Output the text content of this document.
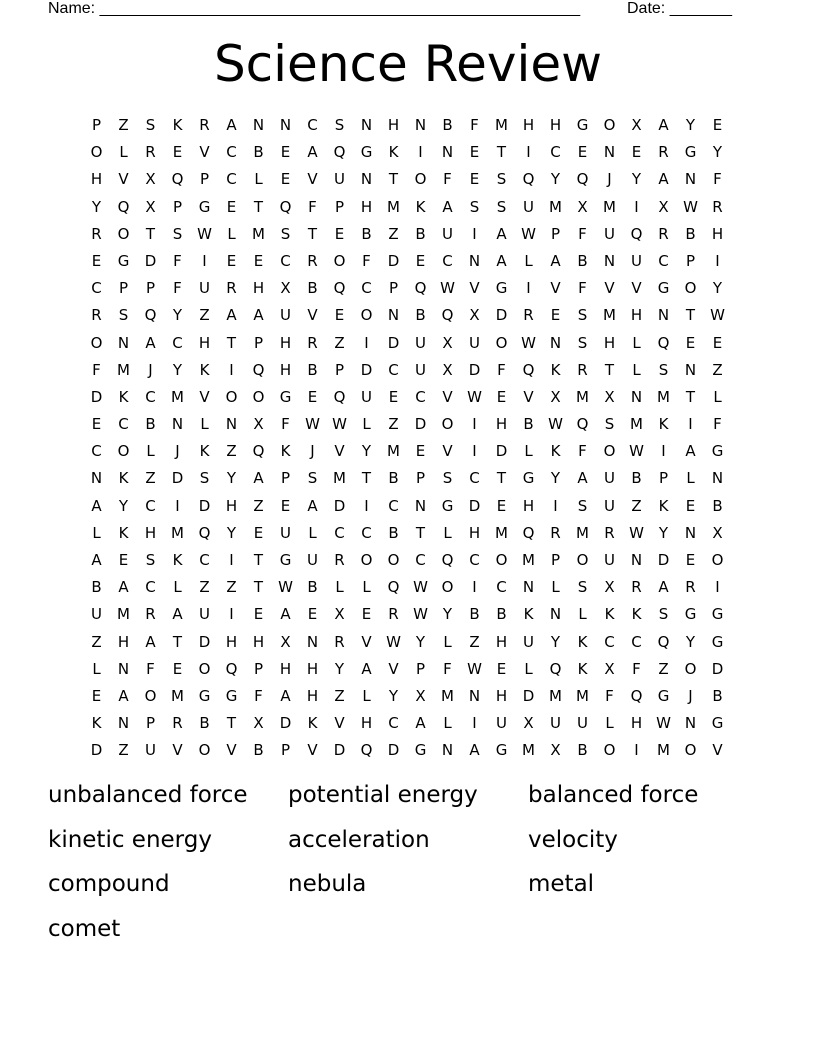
Name: ______________________________________________________

	Date: _______

Science Review
P	Z	S	K	R	A	N	N	C	S	N	H	N	B	F	M H	H	G	O	X	A	Y	E
O	L	R	E	V	C	B	E	A	Q	G	K	I	N	E	T	I	C	E	N	E	R	G	Y
H	V	X	Q	P	C	L	E	V	U	N	T	O	F	E	S	Q	Y	Q	J	Y	A	N	F
Y	Q	X	P	G	E	T	Q	F	P	H M	K	A	S	S	U	M	X	M	I	X W R
R	O	T	S W	L	M	S	T	E	B	Z	B	U	I	A W	P	F	U	Q	R	B	H
E	G	D	F	I	E	E	C	R	O	F	D	E	C	N	A	L	A	B	N	U	C	P	I
C	P	P	F	U	R	H	X	B	Q	C	P	Q W V	G	I	V	F	V	V	G	O	Y
R	S	Q	Y	Z	A	A	U	V	E	O	N	B	Q	X	D	R	E	S	M H	N	T	W
O	N	A	C	H	T	P	H	R	Z	I	D	U	X	U	O W N	S	H	L	Q	E	E
F	M	J	Y	K	I	Q	H	B	P	D	C	U	X	D	F	Q	K	R	T	L	S	N	Z
D	K	C	M	V	O	O	G	E	Q	U	E	C	V W E	V	X	M	X	N M	T	L
E	C	B	N	L	N	X	F	W W	L	Z	D	O	I	H	B W Q	S	M	K	I	F
C	O	L	J	K	Z	Q	K	J	V	Y	M	E	V	I	D	L	K	F	O W	I	A	G
N	K	Z	D	S	Y	A	P	S	M	T	B	P	S	C	T	G	Y	A	U	B	P	L	N
A	Y	C	I	D	H	Z	E	A	D	I	C	N	G	D	E	H	I	S	U	Z	K	E	B
L	K	H M Q	Y	E	U	L	C	C	B	T	L	H M Q	R	M	R W Y	N	X
A	E	S	K	C	I	T	G	U	R	O	O	C	Q	C	O M	P	O	U	N	D	E	O
B	A	C	L	Z	Z	T	W B	L	L	Q W O	I	C	N	L	S	X	R	A	R	I
U	M	R	A	U	I	E	A	E	X	E	R W Y	B	B	K	N	L	K	K	S	G	G
Z	H	A	T	D	H	H	X	N	R	V W Y	L	Z	H	U	Y	K	C	C	Q	Y	G
L	N	F	E	O	Q	P	H	H	Y	A	V	P	F	W E	L	Q	K	X	F	Z	O	D
E	A	O M G	G	F	A	H	Z	L	Y	X	M N	H	D M M	F	Q	G	J	B
K	N	P	R	B	T	X	D	K	V	H	C	A	L	I	U	X	U	U	L	H W N	G
D	Z	U	V	O	V	B	P	V	D	Q	D	G	N	A	G M	X	B	O	I	M O	V
unbalanced force	potential energy	balanced force
kinetic energy	acceleration	velocity
compound	nebula	metal
comet
